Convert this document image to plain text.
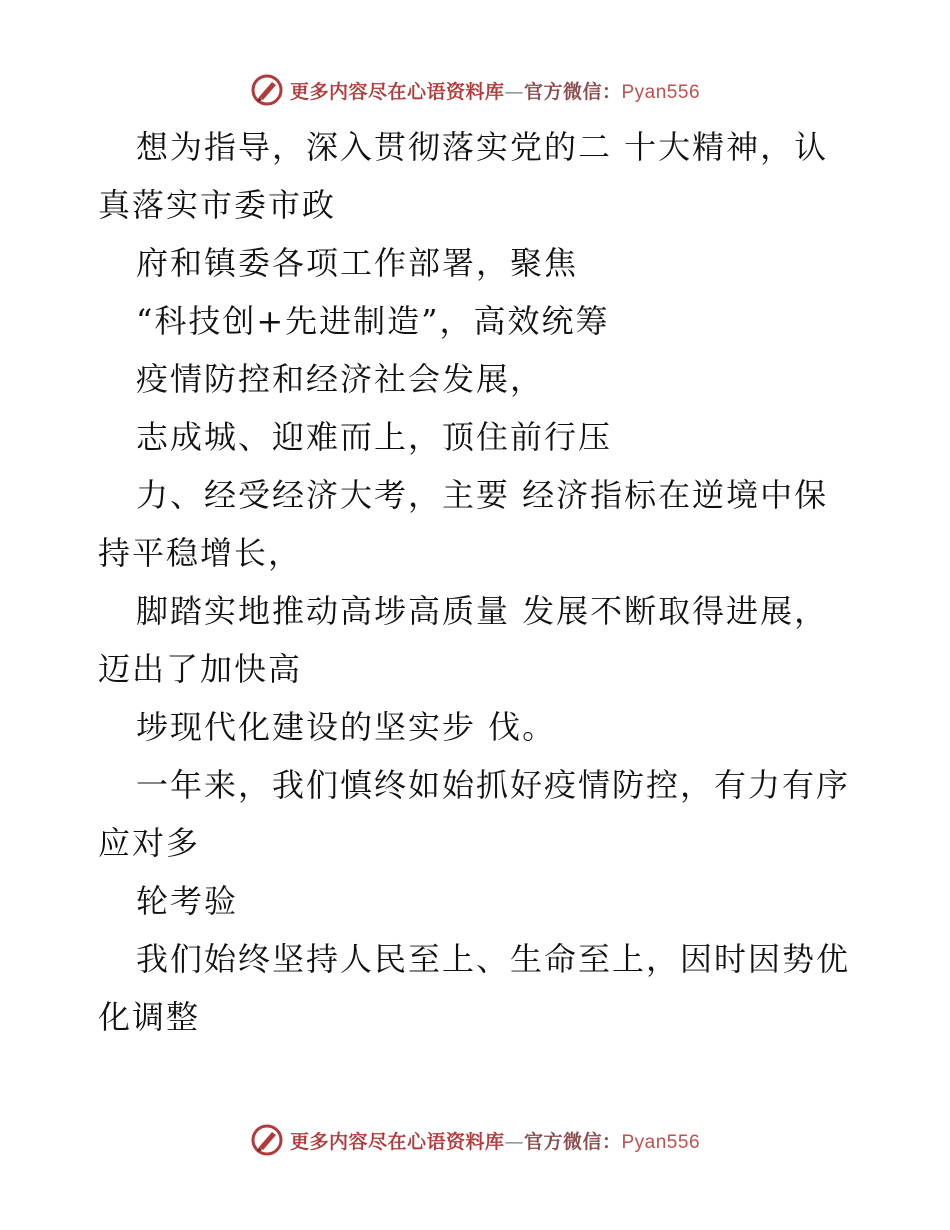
更多内容尽在心语资料库—官方微信：Pyan556

想为指导，深入贯彻落实党的二 十大精神，认真落实市委市政

府和镇委各项工作部署，聚焦

“科技创+先进制造”，高效统筹

疫情防控和经济社会发展，

志成城、迎难而上，顶住前行压

力、经受经济大考，主要 经济指标在逆境中保持平稳增长，

脚踏实地推动高埗高质量 发展不断取得进展，迈出了加快高

埗现代化建设的坚实步 伐。

一年来，我们慎终如始抓好疫情防控，有力有序应对多

轮考验

我们始终坚持人民至上、生命至上，因时因势优化调整

更多内容尽在心语资料库—官方微信：Pyan556
